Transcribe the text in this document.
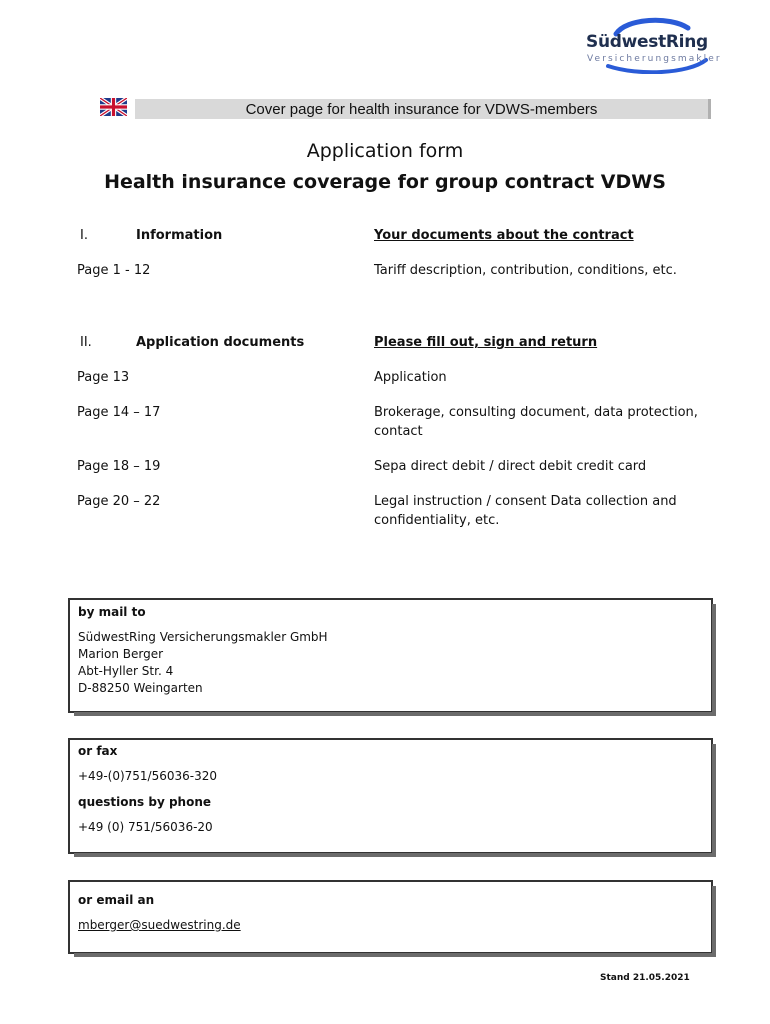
SüdwestRing
Versicherungsmakler
Cover page for health insurance for VDWS-members
Application form
Health insurance coverage for group contract VDWS
I.	Information	Your documents about the contract
Page 1 - 12	Tariff description, contribution, conditions, etc.
II.	Application documents	Please fill out, sign and return
Page 13	Application
Page 14 – 17	Brokerage, consulting document, data protection,
contact
Page 18 – 19	Sepa direct debit / direct debit credit card
Page 20 – 22	Legal instruction / consent Data collection and
confidentiality, etc.
by mail to
SüdwestRing Versicherungsmakler GmbH
Marion Berger
Abt-Hyller Str. 4
D-88250 Weingarten
or fax
+49-(0)751/56036-320
questions by phone
+49 (0) 751/56036-20
or email an
mberger@suedwestring.de
Stand 21.05.2021
